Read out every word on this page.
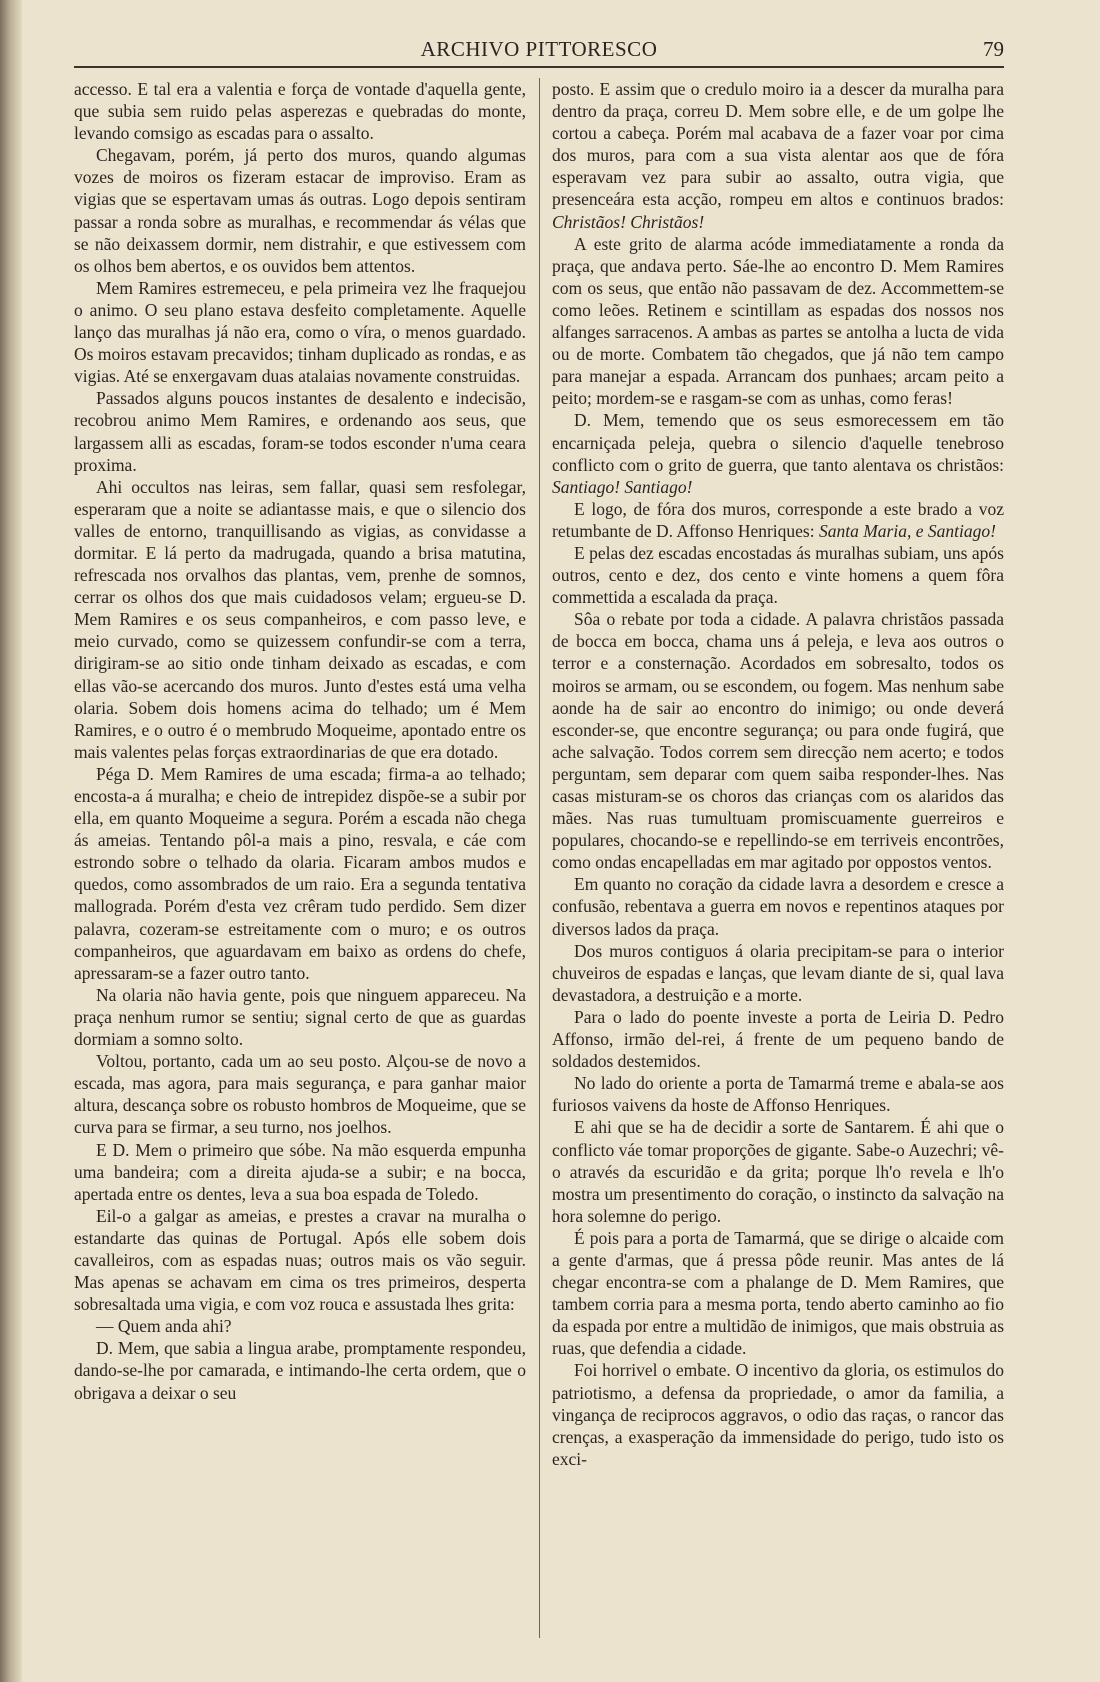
ARCHIVO PITTORESCO	79

accesso. E tal era a valentia e força de vontade d'aquella gente, que subia sem ruido pelas asperezas e quebradas do monte, levando comsigo as escadas para o assalto.

Chegavam, porém, já perto dos muros, quando algumas vozes de moiros os fizeram estacar de improviso. Eram as vigias que se espertavam umas ás outras. Logo depois sentiram passar a ronda sobre as muralhas, e recommendar ás vélas que se não deixassem dormir, nem distrahir, e que estivessem com os olhos bem abertos, e os ouvidos bem attentos.

Mem Ramires estremeceu, e pela primeira vez lhe fraquejou o animo. O seu plano estava desfeito completamente. Aquelle lanço das muralhas já não era, como o víra, o menos guardado. Os moiros estavam precavidos; tinham duplicado as rondas, e as vigias. Até se enxergavam duas atalaias novamente construidas.

Passados alguns poucos instantes de desalento e indecisão, recobrou animo Mem Ramires, e ordenando aos seus, que largassem alli as escadas, foram-se todos esconder n'uma ceara proxima.

Ahi occultos nas leiras, sem fallar, quasi sem resfolegar, esperaram que a noite se adiantasse mais, e que o silencio dos valles de entorno, tranquillisando as vigias, as convidasse a dormitar. E lá perto da madrugada, quando a brisa matutina, refrescada nos orvalhos das plantas, vem, prenhe de somnos, cerrar os olhos dos que mais cuidadosos velam; ergueu-se D. Mem Ramires e os seus companheiros, e com passo leve, e meio curvado, como se quizessem confundir-se com a terra, dirigiram-se ao sitio onde tinham deixado as escadas, e com ellas vão-se acercando dos muros. Junto d'estes está uma velha olaria. Sobem dois homens acima do telhado; um é Mem Ramires, e o outro é o membrudo Moqueime, apontado entre os mais valentes pelas forças extraordinarias de que era dotado.

Péga D. Mem Ramires de uma escada; firma-a ao telhado; encosta-a á muralha; e cheio de intrepidez dispõe-se a subir por ella, em quanto Moqueime a segura. Porém a escada não chega ás ameias. Tentando pôl-a mais a pino, resvala, e cáe com estrondo sobre o telhado da olaria. Ficaram ambos mudos e quedos, como assombrados de um raio. Era a segunda tentativa mallograda. Porém d'esta vez crêram tudo perdido. Sem dizer palavra, cozeram-se estreitamente com o muro; e os outros companheiros, que aguardavam em baixo as ordens do chefe, apressaram-se a fazer outro tanto.

Na olaria não havia gente, pois que ninguem appareceu. Na praça nenhum rumor se sentiu; signal certo de que as guardas dormiam a somno solto.

Voltou, portanto, cada um ao seu posto. Alçou-se de novo a escada, mas agora, para mais segurança, e para ganhar maior altura, descança sobre os robusto hombros de Moqueime, que se curva para se firmar, a seu turno, nos joelhos.

E D. Mem o primeiro que sóbe. Na mão esquerda empunha uma bandeira; com a direita ajuda-se a subir; e na bocca, apertada entre os dentes, leva a sua boa espada de Toledo.

Eil-o a galgar as ameias, e prestes a cravar na muralha o estandarte das quinas de Portugal. Após elle sobem dois cavalleiros, com as espadas nuas; outros mais os vão seguir. Mas apenas se achavam em cima os tres primeiros, desperta sobresaltada uma vigia, e com voz rouca e assustada lhes grita:

— Quem anda ahi?

D. Mem, que sabia a lingua arabe, promptamente respondeu, dando-se-lhe por camarada, e intimando-lhe certa ordem, que o obrigava a deixar o seu

posto. E assim que o credulo moiro ia a descer da muralha para dentro da praça, correu D. Mem sobre elle, e de um golpe lhe cortou a cabeça. Porém mal acabava de a fazer voar por cima dos muros, para com a sua vista alentar aos que de fóra esperavam vez para subir ao assalto, outra vigia, que presenceára esta acção, rompeu em altos e continuos brados: Christãos! Christãos!

A este grito de alarma acóde immediatamente a ronda da praça, que andava perto. Sáe-lhe ao encontro D. Mem Ramires com os seus, que então não passavam de dez. Accommettem-se como leões. Retinem e scintillam as espadas dos nossos nos alfanges sarracenos. A ambas as partes se antolha a lucta de vida ou de morte. Combatem tão chegados, que já não tem campo para manejar a espada. Arrancam dos punhaes; arcam peito a peito; mordem-se e rasgam-se com as unhas, como feras!

D. Mem, temendo que os seus esmorecessem em tão encarniçada peleja, quebra o silencio d'aquelle tenebroso conflicto com o grito de guerra, que tanto alentava os christãos: Santiago! Santiago!

E logo, de fóra dos muros, corresponde a este brado a voz retumbante de D. Affonso Henriques: Santa Maria, e Santiago!

E pelas dez escadas encostadas ás muralhas subiam, uns após outros, cento e dez, dos cento e vinte homens a quem fôra commettida a escalada da praça.

Sôa o rebate por toda a cidade. A palavra christãos passada de bocca em bocca, chama uns á peleja, e leva aos outros o terror e a consternação. Acordados em sobresalto, todos os moiros se armam, ou se escondem, ou fogem. Mas nenhum sabe aonde ha de sair ao encontro do inimigo; ou onde deverá esconder-se, que encontre segurança; ou para onde fugirá, que ache salvação. Todos correm sem direcção nem acerto; e todos perguntam, sem deparar com quem saiba responder-lhes. Nas casas misturam-se os choros das crianças com os alaridos das mães. Nas ruas tumultuam promiscuamente guerreiros e populares, chocando-se e repellindo-se em terriveis encontrões, como ondas encapelladas em mar agitado por oppostos ventos.

Em quanto no coração da cidade lavra a desordem e cresce a confusão, rebentava a guerra em novos e repentinos ataques por diversos lados da praça.

Dos muros contiguos á olaria precipitam-se para o interior chuveiros de espadas e lanças, que levam diante de si, qual lava devastadora, a destruição e a morte.

Para o lado do poente investe a porta de Leiria D. Pedro Affonso, irmão del-rei, á frente de um pequeno bando de soldados destemidos.

No lado do oriente a porta de Tamarmá treme e abala-se aos furiosos vaivens da hoste de Affonso Henriques.

E ahi que se ha de decidir a sorte de Santarem. É ahi que o conflicto váe tomar proporções de gigante. Sabe-o Auzechri; vê-o através da escuridão e da grita; porque lh'o revela e lh'o mostra um presentimento do coração, o instincto da salvação na hora solemne do perigo.

É pois para a porta de Tamarmá, que se dirige o alcaide com a gente d'armas, que á pressa pôde reunir. Mas antes de lá chegar encontra-se com a phalange de D. Mem Ramires, que tambem corria para a mesma porta, tendo aberto caminho ao fio da espada por entre a multidão de inimigos, que mais obstruia as ruas, que defendia a cidade.

Foi horrivel o embate. O incentivo da gloria, os estimulos do patriotismo, a defensa da propriedade, o amor da familia, a vingança de reciprocos aggravos, o odio das raças, o rancor das crenças, a exasperação da immensidade do perigo, tudo isto os exci-
